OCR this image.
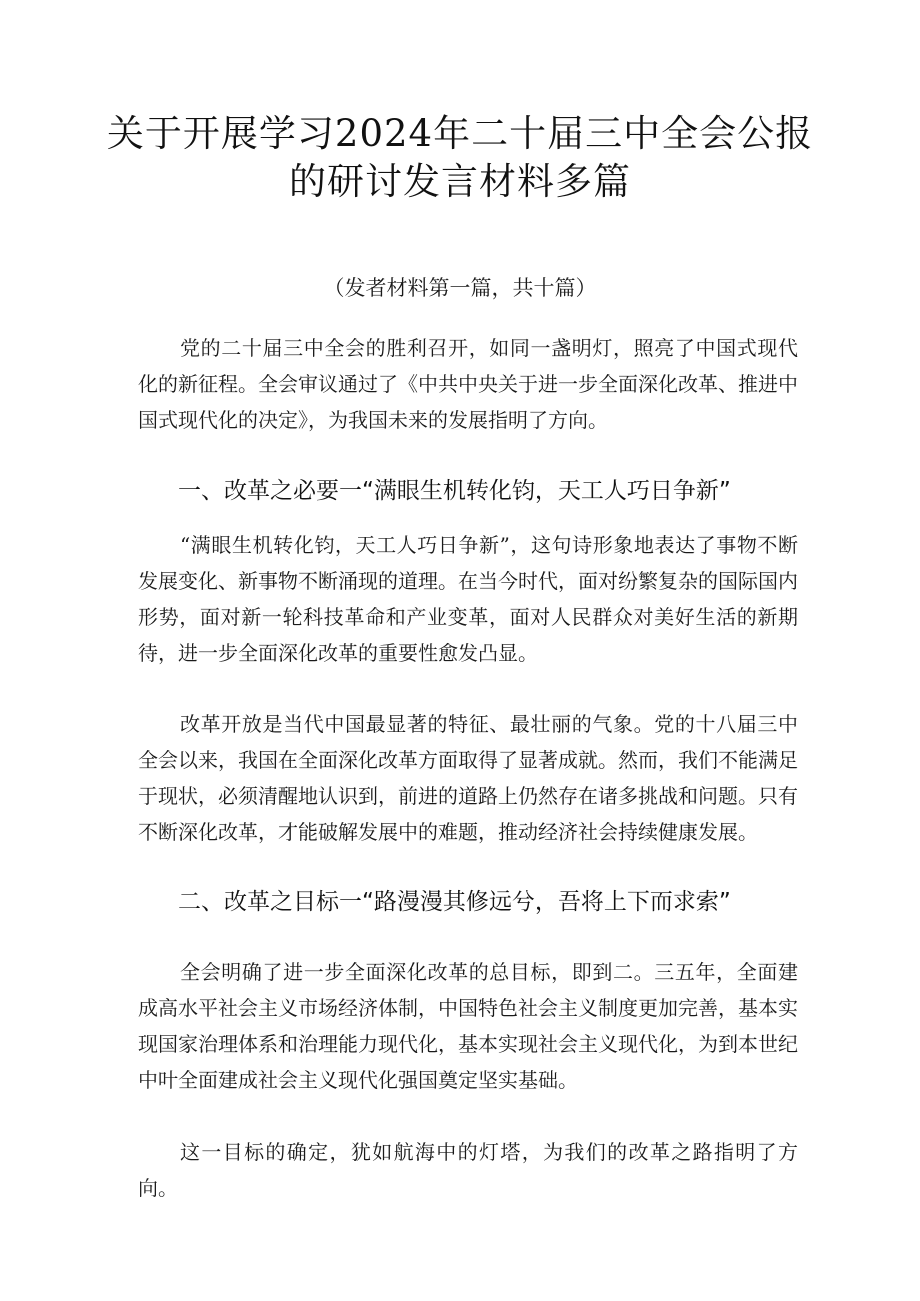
关于开展学习2024年二十届三中全会公报
的研讨发言材料多篇
（发者材料第一篇，共十篇）
党的二十届三中全会的胜利召开，如同一盏明灯，照亮了中国式现代化的新征程。全会审议通过了《中共中央关于进一步全面深化改革、推进中国式现代化的决定》，为我国未来的发展指明了方向。
一、改革之必要一“满眼生机转化钧，天工人巧日争新”
“满眼生机转化钧，天工人巧日争新”，这句诗形象地表达了事物不断发展变化、新事物不断涌现的道理。在当今时代，面对纷繁复杂的国际国内形势，面对新一轮科技革命和产业变革，面对人民群众对美好生活的新期待，进一步全面深化改革的重要性愈发凸显。
改革开放是当代中国最显著的特征、最壮丽的气象。党的十八届三中全会以来，我国在全面深化改革方面取得了显著成就。然而，我们不能满足于现状，必须清醒地认识到，前进的道路上仍然存在诸多挑战和问题。只有不断深化改革，才能破解发展中的难题，推动经济社会持续健康发展。
二、改革之目标一“路漫漫其修远兮，吾将上下而求索”
全会明确了进一步全面深化改革的总目标，即到二。三五年，全面建成高水平社会主义市场经济体制，中国特色社会主义制度更加完善，基本实现国家治理体系和治理能力现代化，基本实现社会主义现代化，为到本世纪中叶全面建成社会主义现代化强国奠定坚实基础。
这一目标的确定，犹如航海中的灯塔，为我们的改革之路指明了方向。
